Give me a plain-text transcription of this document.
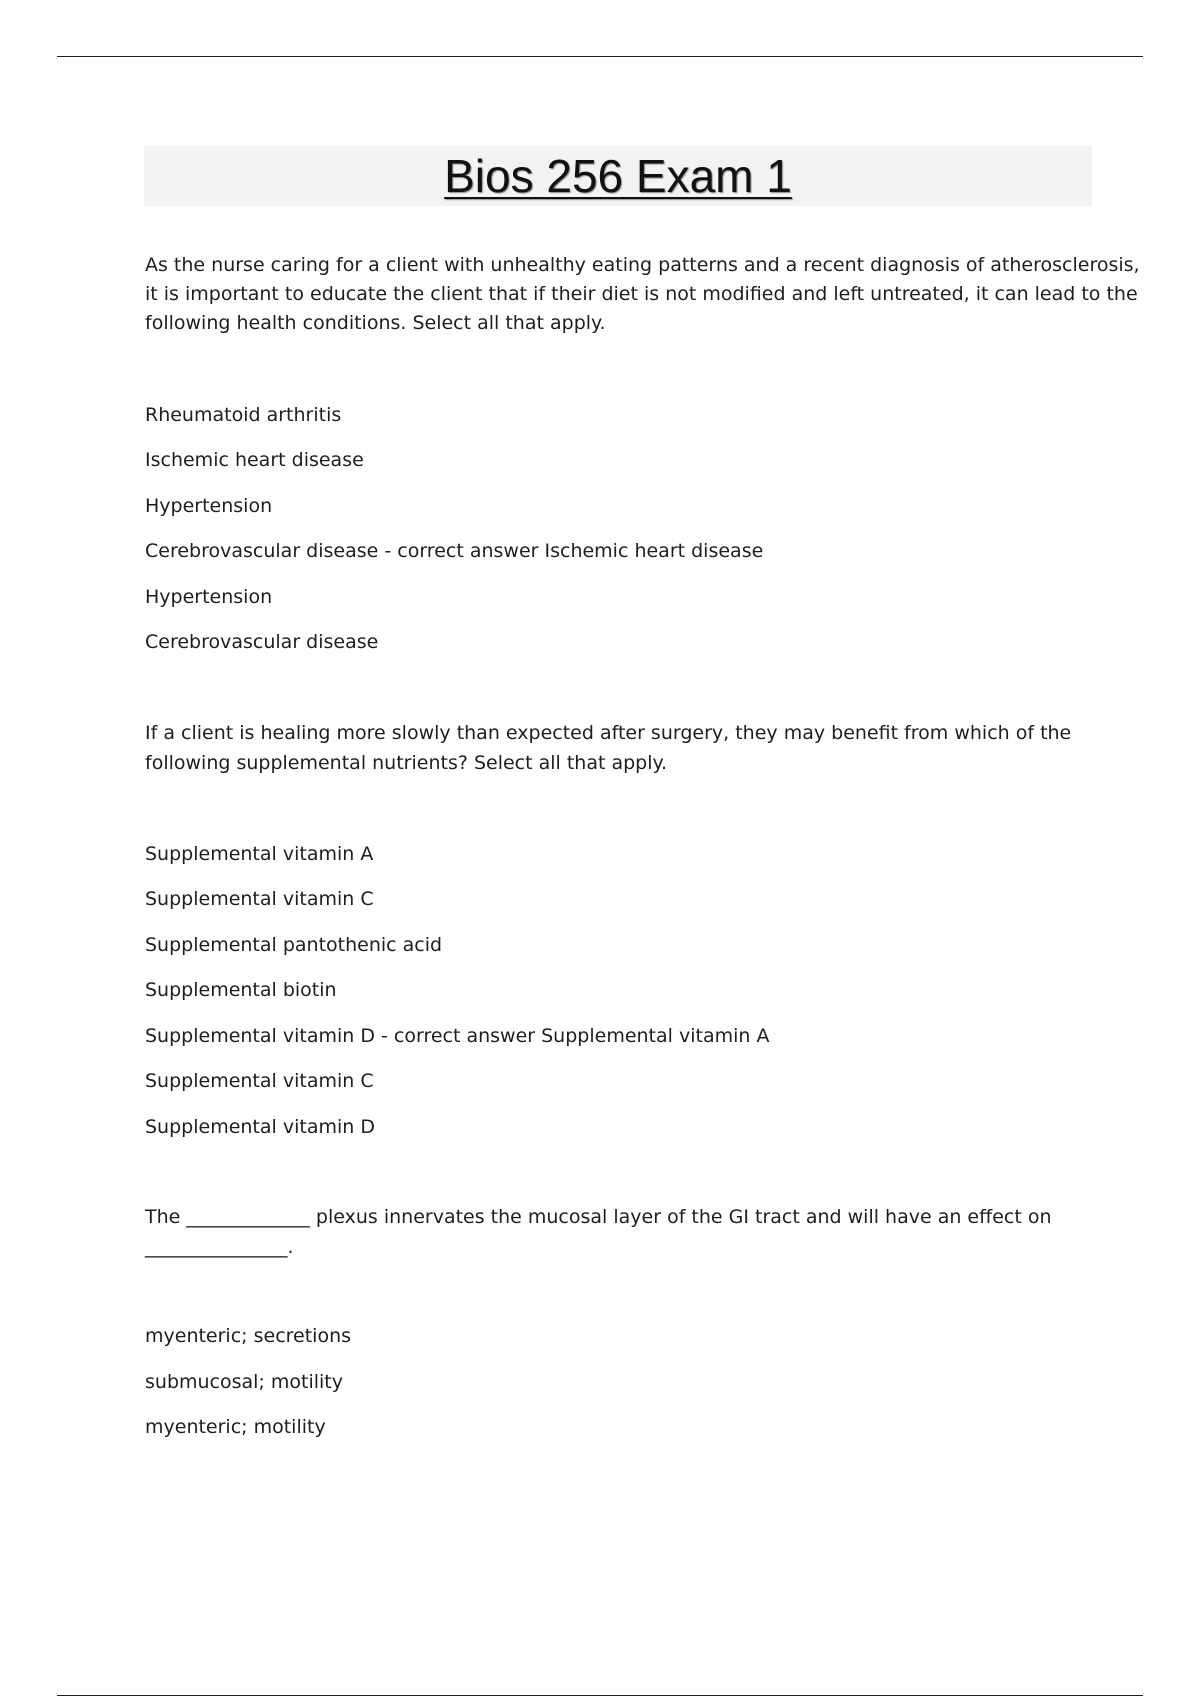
Bios 256 Exam 1
As the nurse caring for a client with unhealthy eating patterns and a recent diagnosis of atherosclerosis,
it is important to educate the client that if their diet is not modified and left untreated, it can lead to the
following health conditions. Select all that apply.
Rheumatoid arthritis
Ischemic heart disease
Hypertension
Cerebrovascular disease - correct answer Ischemic heart disease
Hypertension
Cerebrovascular disease
If a client is healing more slowly than expected after surgery, they may benefit from which of the
following supplemental nutrients? Select all that apply.
Supplemental vitamin A
Supplemental vitamin C
Supplemental pantothenic acid
Supplemental biotin
Supplemental vitamin D - correct answer Supplemental vitamin A
Supplemental vitamin C
Supplemental vitamin D
The _____________ plexus innervates the mucosal layer of the GI tract and will have an effect on
_______________.
myenteric; secretions
submucosal; motility
myenteric; motility
